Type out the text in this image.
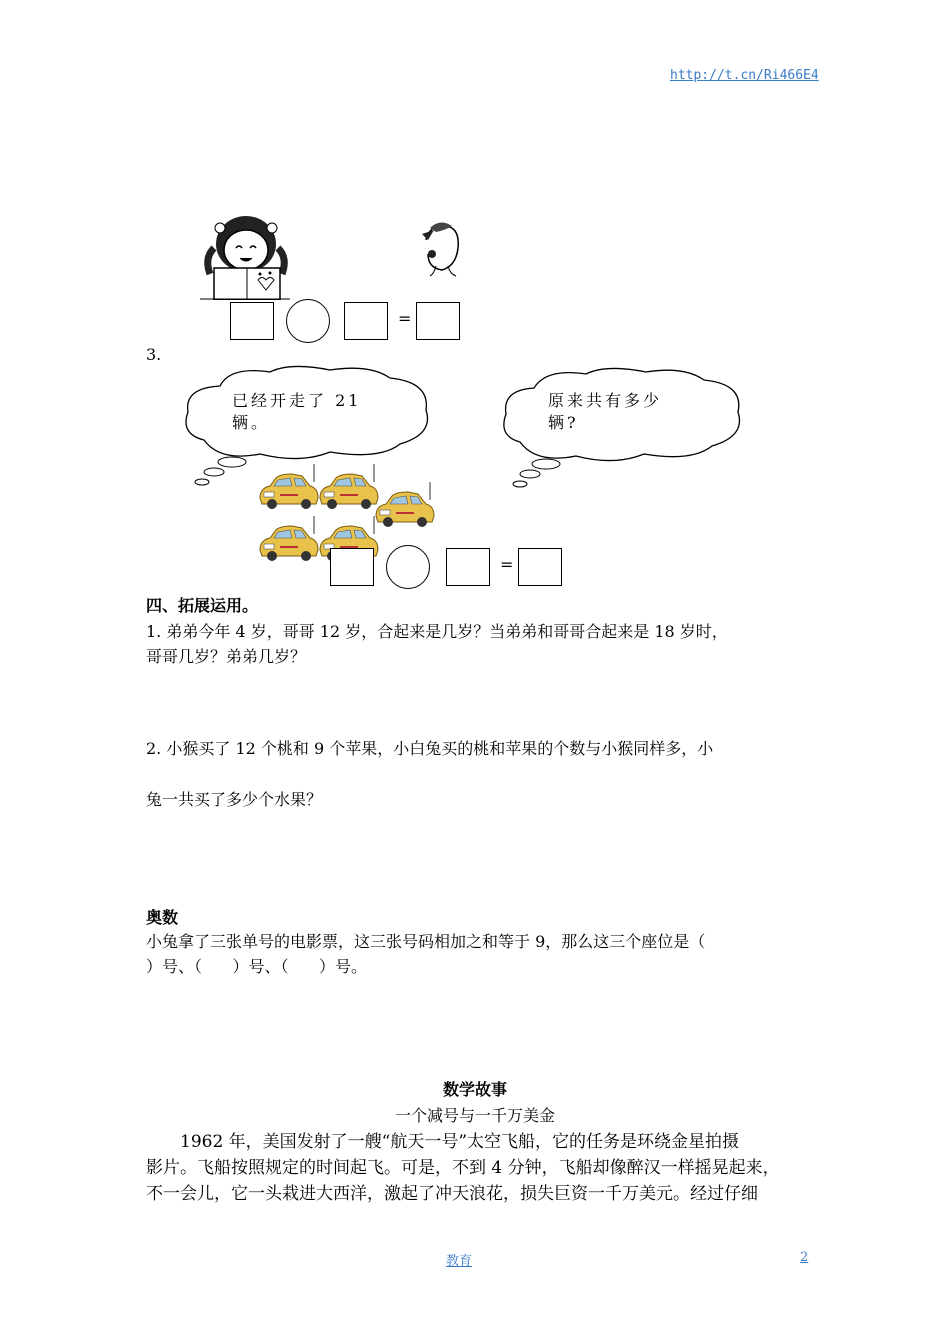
http://t.cn/Ri466E4
=
3.
已经开走了 21
辆。
原来共有多少
辆?
=
四、拓展运用。
1. 弟弟今年 4 岁，哥哥 12 岁，合起来是几岁？当弟弟和哥哥合起来是 18 岁时，
哥哥几岁？弟弟几岁？
2. 小猴买了 12 个桃和 9 个苹果，小白兔买的桃和苹果的个数与小猴同样多，小
兔一共买了多少个水果？
奥数
小兔拿了三张单号的电影票，这三张号码相加之和等于 9，那么这三个座位是（
）号、（      ）号、（      ）号。
数学故事
一个减号与一千万美金
1962 年，美国发射了一艘“航天一号”太空飞船，它的任务是环绕金星拍摄
影片。飞船按照规定的时间起飞。可是，不到 4 分钟，飞船却像醉汉一样摇晃起来，
不一会儿，它一头栽进大西洋，激起了冲天浪花，损失巨资一千万美元。经过仔细
教育	2
